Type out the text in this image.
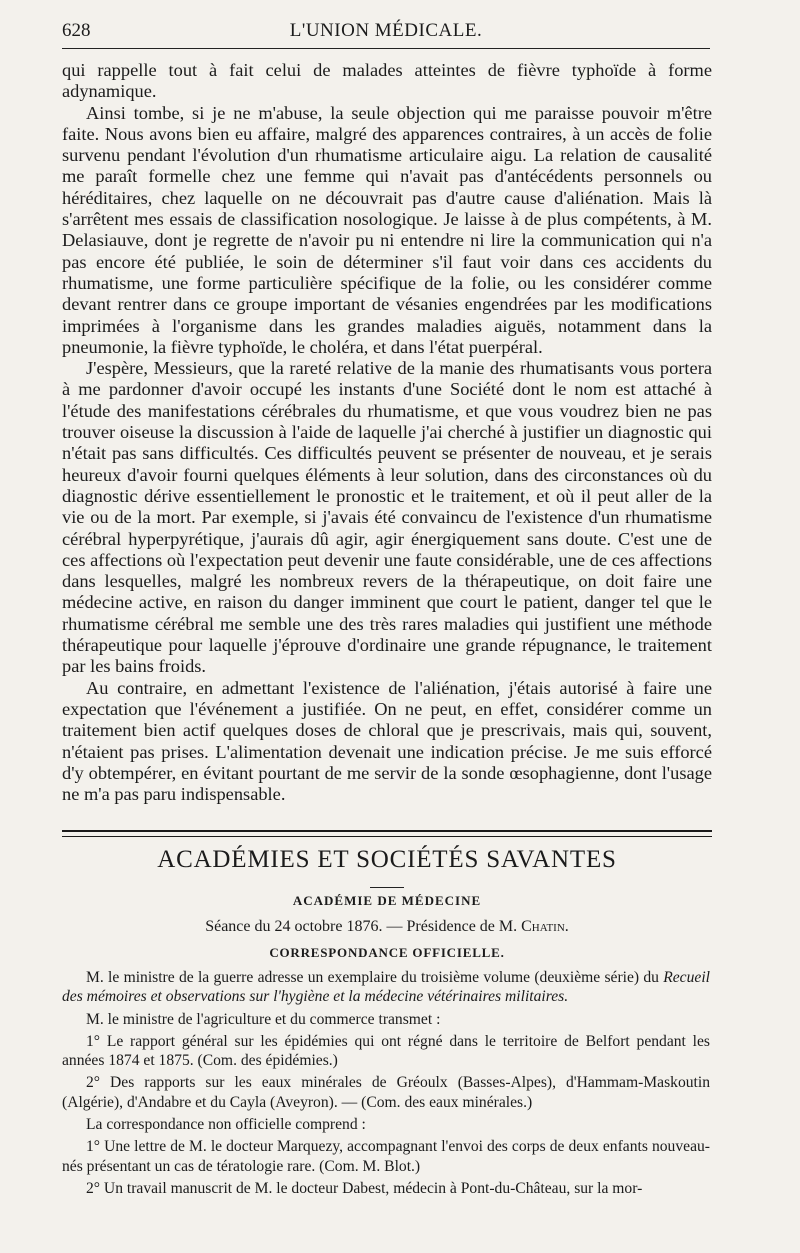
628	L'UNION MÉDICALE.

qui rappelle tout à fait celui de malades atteintes de fièvre typhoïde à forme adynamique.

Ainsi tombe, si je ne m'abuse, la seule objection qui me paraisse pouvoir m'être faite. Nous avons bien eu affaire, malgré des apparences contraires, à un accès de folie survenu pendant l'évolution d'un rhumatisme articulaire aigu. La relation de causalité me paraît formelle chez une femme qui n'avait pas d'antécédents personnels ou héréditaires, chez laquelle on ne découvrait pas d'autre cause d'aliénation. Mais là s'arrêtent mes essais de classification nosologique. Je laisse à de plus compétents, à M. Delasiauve, dont je regrette de n'avoir pu ni entendre ni lire la communication qui n'a pas encore été publiée, le soin de déterminer s'il faut voir dans ces accidents du rhumatisme, une forme particulière spécifique de la folie, ou les considérer comme devant rentrer dans ce groupe important de vésanies engendrées par les modifications imprimées à l'organisme dans les grandes maladies aiguës, notamment dans la pneumonie, la fièvre typhoïde, le choléra, et dans l'état puerpéral.

J'espère, Messieurs, que la rareté relative de la manie des rhumatisants vous portera à me pardonner d'avoir occupé les instants d'une Société dont le nom est attaché à l'étude des manifestations cérébrales du rhumatisme, et que vous voudrez bien ne pas trouver oiseuse la discussion à l'aide de laquelle j'ai cherché à justifier un diagnostic qui n'était pas sans difficultés. Ces difficultés peuvent se présenter de nouveau, et je serais heureux d'avoir fourni quelques éléments à leur solution, dans des circonstances où du diagnostic dérive essentiellement le pronostic et le traitement, et où il peut aller de la vie ou de la mort. Par exemple, si j'avais été convaincu de l'existence d'un rhumatisme cérébral hyperpyrétique, j'aurais dû agir, agir énergiquement sans doute. C'est une de ces affections où l'expectation peut devenir une faute considérable, une de ces affections dans lesquelles, malgré les nombreux revers de la thérapeutique, on doit faire une médecine active, en raison du danger imminent que court le patient, danger tel que le rhumatisme cérébral me semble une des très rares maladies qui justifient une méthode thérapeutique pour laquelle j'éprouve d'ordinaire une grande répugnance, le traitement par les bains froids.

Au contraire, en admettant l'existence de l'aliénation, j'étais autorisé à faire une expectation que l'événement a justifiée. On ne peut, en effet, considérer comme un traitement bien actif quelques doses de chloral que je prescrivais, mais qui, souvent, n'étaient pas prises. L'alimentation devenait une indication précise. Je me suis efforcé d'y obtempérer, en évitant pourtant de me servir de la sonde œsophagienne, dont l'usage ne m'a pas paru indispensable.

ACADÉMIES ET SOCIÉTÉS SAVANTES
ACADÉMIE DE MÉDECINE
Séance du 24 octobre 1876. — Présidence de M. Chatin.
CORRESPONDANCE OFFICIELLE.

M. le ministre de la guerre adresse un exemplaire du troisième volume (deuxième série) du Recueil des mémoires et observations sur l'hygiène et la médecine vétérinaires militaires.

M. le ministre de l'agriculture et du commerce transmet :

1° Le rapport général sur les épidémies qui ont régné dans le territoire de Belfort pendant les années 1874 et 1875. (Com. des épidémies.)

2° Des rapports sur les eaux minérales de Gréoulx (Basses-Alpes), d'Hammam-Maskoutin (Algérie), d'Andabre et du Cayla (Aveyron). — (Com. des eaux minérales.)

La correspondance non officielle comprend :

1° Une lettre de M. le docteur Marquezy, accompagnant l'envoi des corps de deux enfants nouveau-nés présentant un cas de tératologie rare. (Com. M. Blot.)

2° Un travail manuscrit de M. le docteur Dabest, médecin à Pont-du-Château, sur la mor-
